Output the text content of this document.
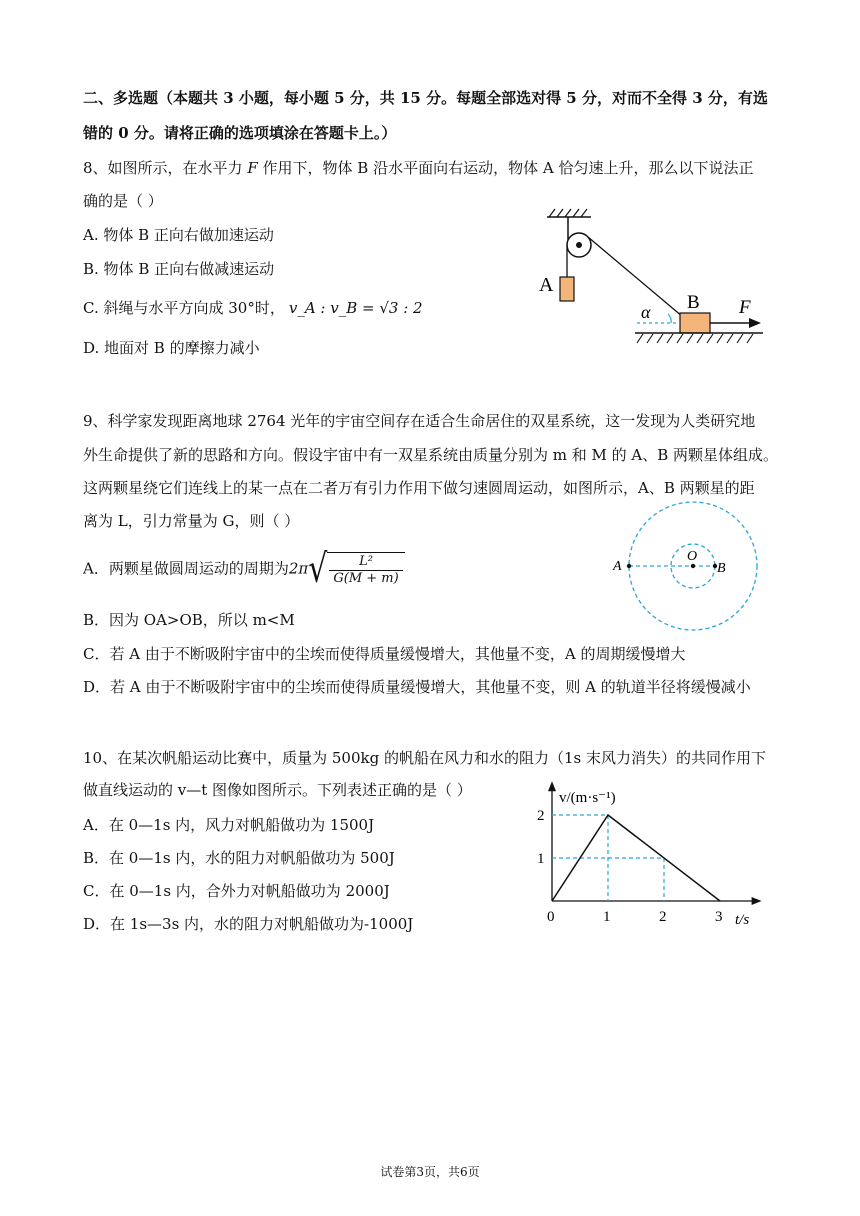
二、多选题（本题共 3 小题，每小题 5 分，共 15 分。每题全部选对得 5 分，对而不全得 3 分，有选
错的 0 分。请将正确的选项填涂在答题卡上。）
8、如图所示，在水平力 F 作用下，物体 B 沿水平面向右运动，物体 A 恰匀速上升，那么以下说法正
确的是（ ）
A. 物体 B 正向右做加速运动
B. 物体 B 正向右做减速运动
C. 斜绳与水平方向成 30°时， v_A : v_B = √3 : 2
D. 地面对 B 的摩擦力减小
A
B
α	F
9、科学家发现距离地球 2764 光年的宇宙空间存在适合生命居住的双星系统，这一发现为人类研究地
外生命提供了新的思路和方向。假设宇宙中有一双星系统由质量分别为 m 和 M 的 A、B 两颗星体组成。
这两颗星绕它们连线上的某一点在二者万有引力作用下做匀速圆周运动，如图所示，A、B 两颗星的距
离为 L，引力常量为 G，则（ ）
A．两颗星做圆周运动的周期为$2\pi√ \frac{\text{L²}}{G(M + m)}$
B．因为 OA>OB，所以 m<M
C．若 A 由于不断吸附宇宙中的尘埃而使得质量缓慢增大，其他量不变，A 的周期缓慢增大
D．若 A 由于不断吸附宇宙中的尘埃而使得质量缓慢增大，其他量不变，则 A 的轨道半径将缓慢减小
A
O
B
10、在某次帆船运动比赛中，质量为 500kg 的帆船在风力和水的阻力（1s 末风力消失）的共同作用下
做直线运动的 v—t 图像如图所示。下列表述正确的是（ ）
A．在 0—1s 内，风力对帆船做功为 1500J
B．在 0—1s 内，水的阻力对帆船做功为 500J
C．在 0—1s 内，合外力对帆船做功为 2000J
D．在 1s—3s 内，水的阻力对帆船做功为-1000J	0	1	2	3
1
2
v/(m·s⁻¹)
t/s
试卷第3页，共6页
